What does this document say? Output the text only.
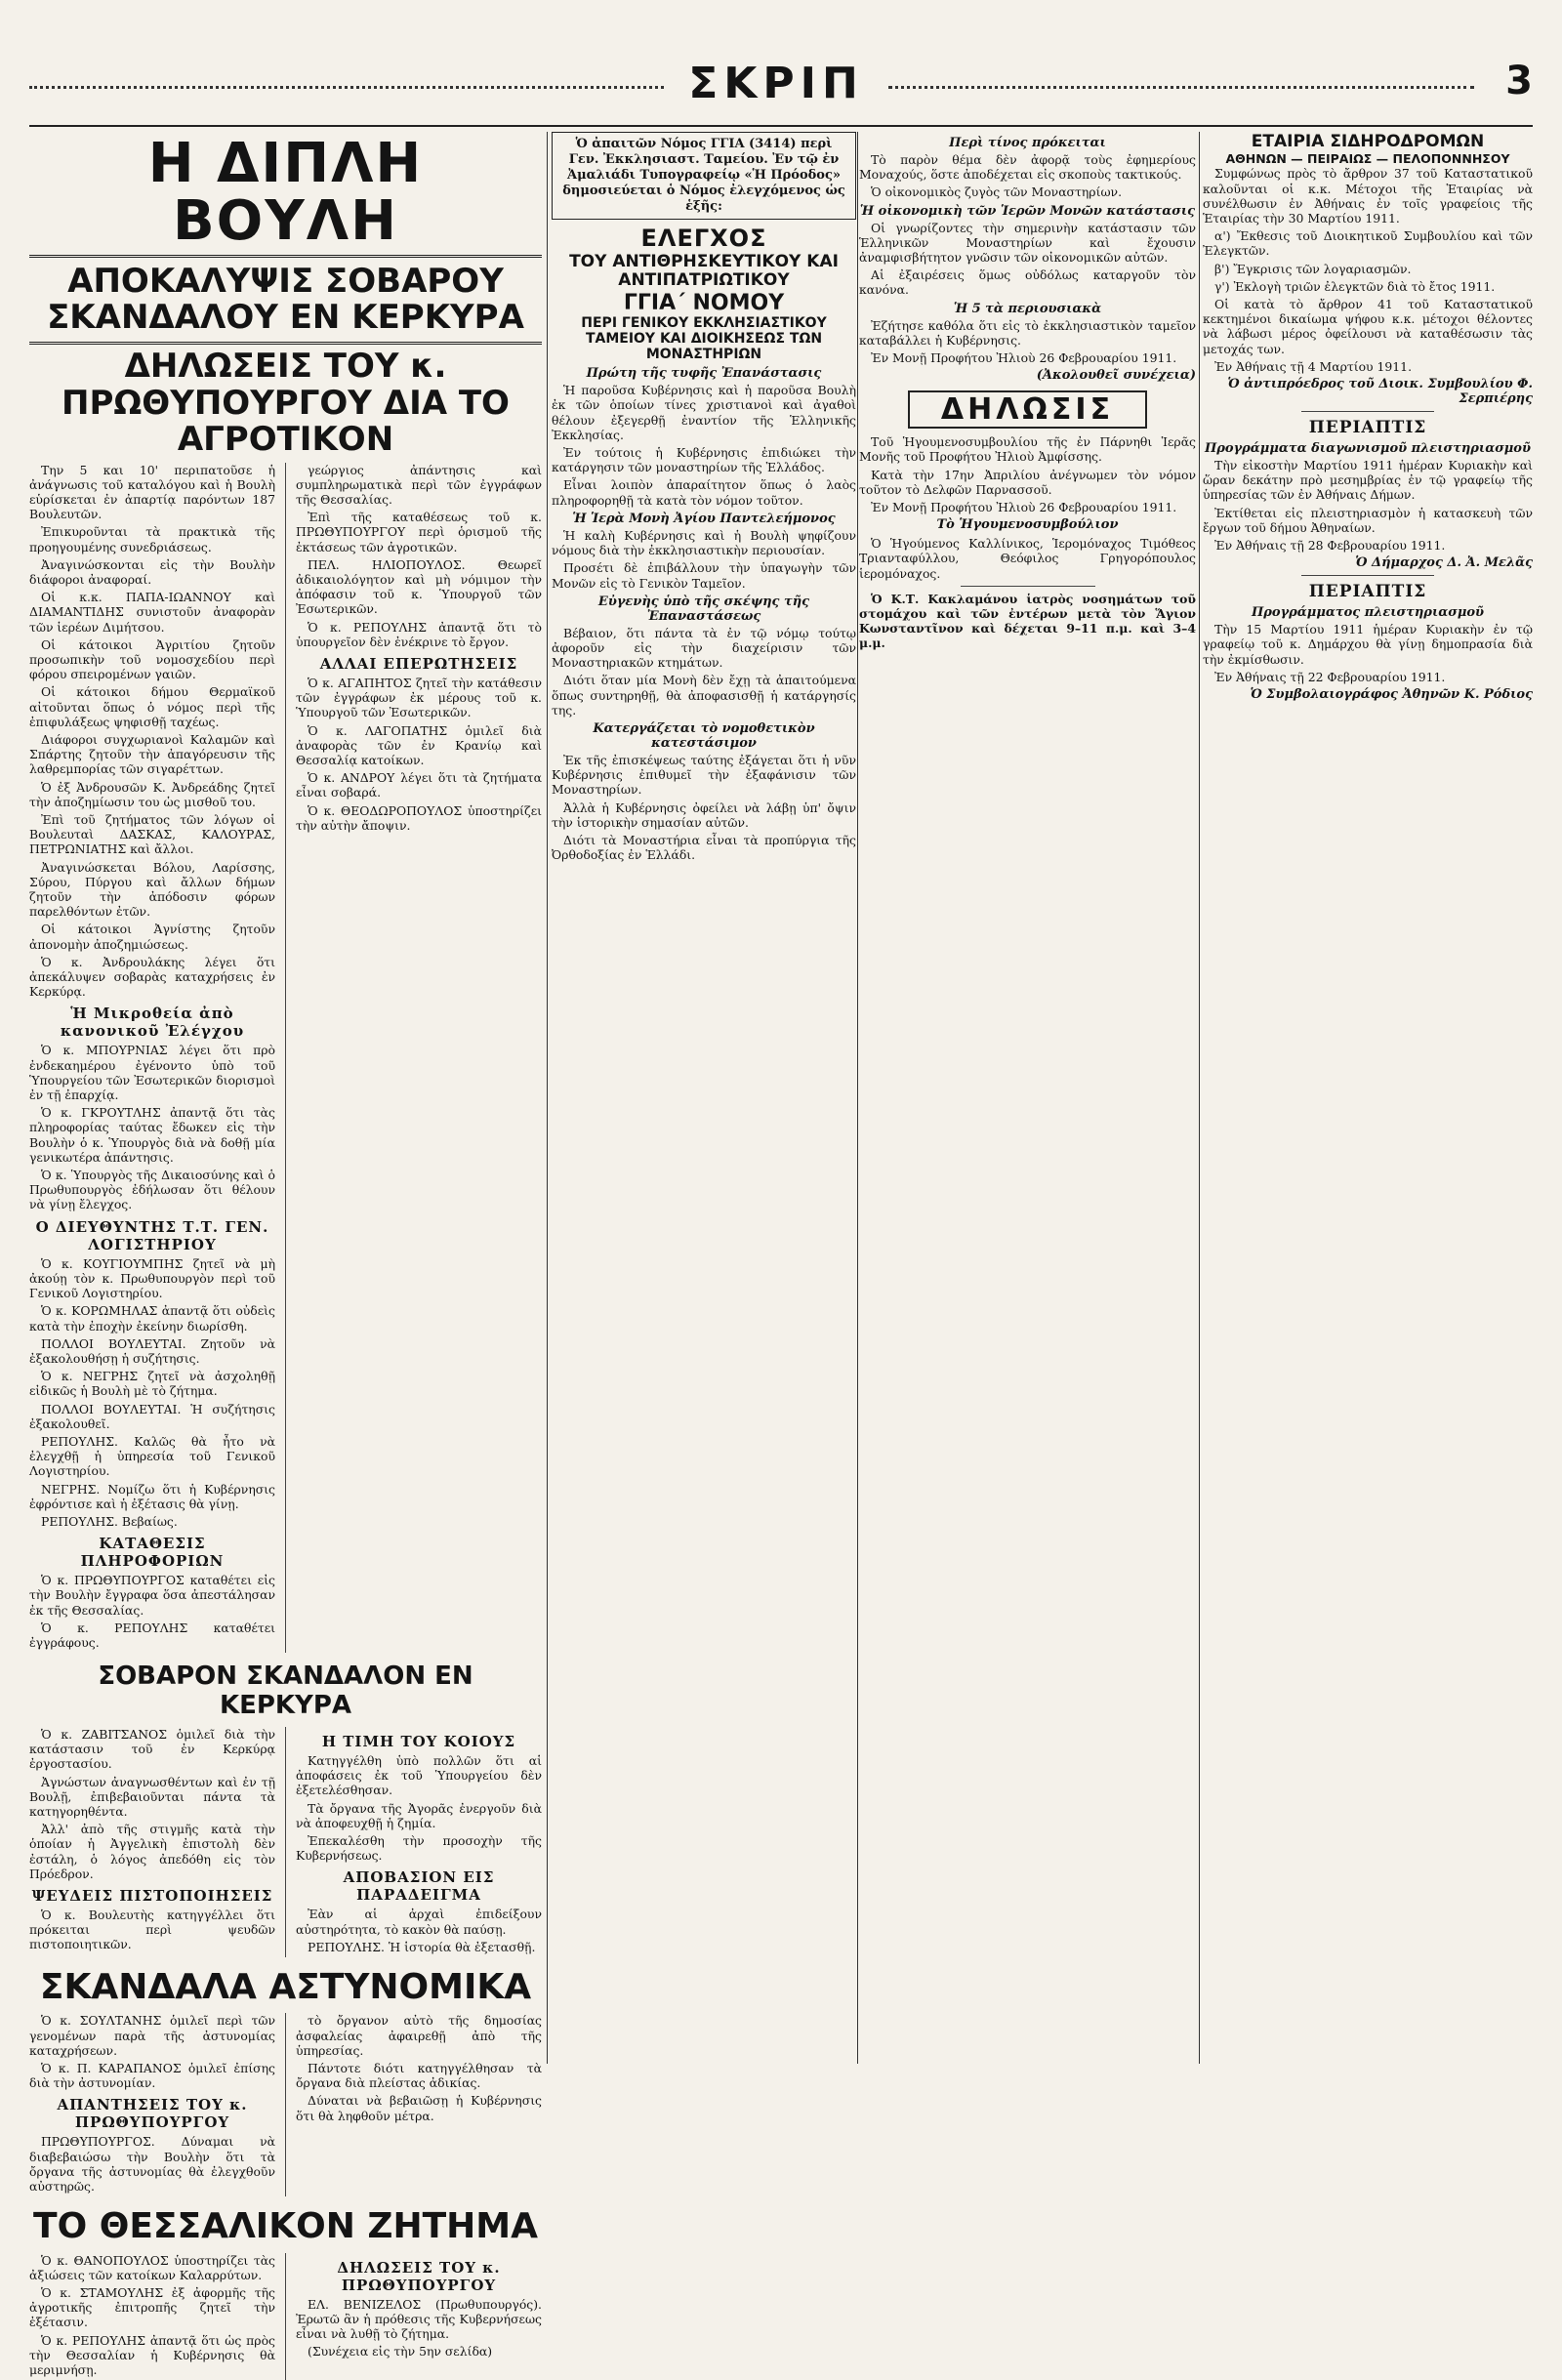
ΣΚΡΙΠ	3
Η ΔΙΠΛΗ ΒΟΥΛΗ
ΑΠΟΚΑΛΥΨΙΣ ΣΟΒΑΡΟΥ ΣΚΑΝΔΑΛΟΥ ΕΝ ΚΕΡΚΥΡΑ
ΔΗΛΩΣΕΙΣ ΤΟΥ κ. ΠΡΩΘΥΠΟΥΡΓΟΥ ΔΙΑ ΤΟ ΑΓΡΟΤΙΚΟΝ

Την 5 και 10' περιπατοῦσε ἡ ἀνάγνωσις τοῦ καταλόγου καὶ ἡ Βουλὴ εὑρίσκεται ἐν ἀπαρτίᾳ παρόντων 187 Βουλευτῶν.

Ἐπικυροῦνται τὰ πρακτικὰ τῆς προηγουμένης συνεδριάσεως.

Ἀναγινώσκονται εἰς τὴν Βουλὴν διάφοροι ἀναφοραί.

Οἱ κ.κ. ΠΑΠΑ-ΙΩΑΝΝΟΥ καὶ ΔΙΑΜΑΝΤΙΔΗΣ συνιστοῦν ἀναφορὰν τῶν ἱερέων Διμήτσου.

Οἱ κάτοικοι Ἀγριτίου ζητοῦν προσωπικὴν τοῦ νομοσχεδίου περὶ φόρου σπειρομένων γαιῶν.

Οἱ κάτοικοι δήμου Θερμαϊκοῦ αἰτοῦνται ὅπως ὁ νόμος περὶ τῆς ἐπιφυλάξεως ψηφισθῇ ταχέως.

Διάφοροι συγχωριανοὶ Καλαμῶν καὶ Σπάρτης ζητοῦν τὴν ἀπαγόρευσιν τῆς λαθρεμπορίας τῶν σιγαρέττων.

Ὁ ἐξ Ἀνδρουσῶν Κ. Ἀνδρεάδης ζητεῖ τὴν ἀποζημίωσιν του ὡς μισθοῦ του.

Ἐπὶ τοῦ ζητήματος τῶν λόγων οἱ Βουλευταὶ ΔΑΣΚΑΣ, ΚΑΛΟΥΡΑΣ, ΠΕΤΡΩΝΙΑΤΗΣ καὶ ἄλλοι.

Ἀναγινώσκεται Βόλου, Λαρίσσης, Σύρου, Πύργου καὶ ἄλλων δήμων ζητοῦν τὴν ἀπόδοσιν φόρων παρελθόντων ἐτῶν.

Οἱ κάτοικοι Ἀγνίστης ζητοῦν ἀπονομὴν ἀποζημιώσεως.

Ὁ κ. Ἀνδρουλάκης λέγει ὅτι ἀπεκάλυψεν σοβαρὰς καταχρήσεις ἐν Κερκύρᾳ.

Ἡ Μικροθεία ἀπὸ κανονικοῦ Ἐλέγχου

Ὁ κ. ΜΠΟΥΡΝΙΑΣ λέγει ὅτι πρὸ ἐνδεκαημέρου ἐγένοντο ὑπὸ τοῦ Ὑπουργείου τῶν Ἐσωτερικῶν διορισμοὶ ἐν τῇ ἐπαρχίᾳ.

Ὁ κ. ΓΚΡΟΥΤΛΗΣ ἀπαντᾷ ὅτι τὰς πληροφορίας ταύτας ἔδωκεν εἰς τὴν Βουλὴν ὁ κ. Ὑπουργὸς διὰ νὰ δοθῇ μία γενικωτέρα ἀπάντησις.

Ὁ κ. Ὑπουργὸς τῆς Δικαιοσύνης καὶ ὁ Πρωθυπουργὸς ἐδήλωσαν ὅτι θέλουν νὰ γίνῃ ἔλεγχος.

Ο ΔΙΕΥΘΥΝΤΗΣ Τ.Τ. ΓΕΝ. ΛΟΓΙΣΤΗΡΙΟΥ

Ὁ κ. ΚΟΥΓΙΟΥΜΠΗΣ ζητεῖ νὰ μὴ ἀκούῃ τὸν κ. Πρωθυπουργὸν περὶ τοῦ Γενικοῦ Λογιστηρίου.

Ὁ κ. ΚΟΡΩΜΗΛΑΣ ἀπαντᾷ ὅτι οὐδεὶς κατὰ τὴν ἐποχὴν ἐκείνην διωρίσθη.

ΠΟΛΛΟΙ ΒΟΥΛΕΥΤΑΙ. Ζητοῦν νὰ ἐξακολουθήσῃ ἡ συζήτησις.

Ὁ κ. ΝΕΓΡΗΣ ζητεῖ νὰ ἀσχοληθῇ εἰδικῶς ἡ Βουλὴ μὲ τὸ ζήτημα.

ΠΟΛΛΟΙ ΒΟΥΛΕΥΤΑΙ. Ἡ συζήτησις ἐξακολουθεῖ.

ΡΕΠΟΥΛΗΣ. Καλῶς θὰ ἦτο νὰ ἐλεγχθῇ ἡ ὑπηρεσία τοῦ Γενικοῦ Λογιστηρίου.

ΝΕΓΡΗΣ. Νομίζω ὅτι ἡ Κυβέρνησις ἐφρόντισε καὶ ἡ ἐξέτασις θὰ γίνῃ.

ΡΕΠΟΥΛΗΣ. Βεβαίως.

ΚΑΤΑΘΕΣΙΣ ΠΛΗΡΟΦΟΡΙΩΝ

Ὁ κ. ΠΡΩΘΥΠΟΥΡΓΟΣ καταθέτει εἰς τὴν Βουλὴν ἔγγραφα ὅσα ἀπεστάλησαν ἐκ τῆς Θεσσαλίας.

Ὁ κ. ΡΕΠΟΥΛΗΣ καταθέτει ἐγγράφους.

γεώργιος ἀπάντησις καὶ συμπληρωματικὰ περὶ τῶν ἐγγράφων τῆς Θεσσαλίας.

Ἐπὶ τῆς καταθέσεως τοῦ κ. ΠΡΩΘΥΠΟΥΡΓΟΥ περὶ ὁρισμοῦ τῆς ἐκτάσεως τῶν ἀγροτικῶν.

ΠΕΛ. ΗΛΙΟΠΟΥΛΟΣ. Θεωρεῖ ἀδικαιολόγητον καὶ μὴ νόμιμον τὴν ἀπόφασιν τοῦ κ. Ὑπουργοῦ τῶν Ἐσωτερικῶν.

Ὁ κ. ΡΕΠΟΥΛΗΣ ἀπαντᾷ ὅτι τὸ ὑπουργεῖον δὲν ἐνέκρινε τὸ ἔργον.

ΑΛΛΑΙ ΕΠΕΡΩΤΗΣΕΙΣ

Ὁ κ. ΑΓΑΠΗΤΟΣ ζητεῖ τὴν κατάθεσιν τῶν ἐγγράφων ἐκ μέρους τοῦ κ. Ὑπουργοῦ τῶν Ἐσωτερικῶν.

Ὁ κ. ΛΑΓΟΠΑΤΗΣ ὁμιλεῖ διὰ ἀναφορὰς τῶν ἐν Κρανίῳ καὶ Θεσσαλίᾳ κατοίκων.

Ὁ κ. ΑΝΔΡΟΥ λέγει ὅτι τὰ ζητήματα εἶναι σοβαρά.

Ὁ κ. ΘΕΟΔΩΡΟΠΟΥΛΟΣ ὑποστηρίζει τὴν αὐτὴν ἄποψιν.

ΣΟΒΑΡΟΝ ΣΚΑΝΔΑΛΟΝ ΕΝ ΚΕΡΚΥΡΑ

Ὁ κ. ΖΑΒΙΤΣΑΝΟΣ ὁμιλεῖ διὰ τὴν κατάστασιν τοῦ ἐν Κερκύρᾳ ἐργοστασίου.

Ἀγνώστων ἀναγνωσθέντων καὶ ἐν τῇ Βουλῇ, ἐπιβεβαιοῦνται πάντα τὰ κατηγορηθέντα.

Ἀλλ' ἀπὸ τῆς στιγμῆς κατὰ τὴν ὁποίαν ἡ Ἀγγελικὴ ἐπιστολὴ δὲν ἐστάλη, ὁ λόγος ἀπεδόθη εἰς τὸν Πρόεδρον.

ΨΕΥΔΕΙΣ ΠΙΣΤΟΠΟΙΗΣΕΙΣ

Ὁ κ. Βουλευτὴς κατηγγέλλει ὅτι πρόκειται περὶ ψευδῶν πιστοποιητικῶν.

Η ΤΙΜΗ ΤΟΥ ΚΟΙΟΥΣ

Κατηγγέλθη ὑπὸ πολλῶν ὅτι αἱ ἀποφάσεις ἐκ τοῦ Ὑπουργείου δὲν ἐξετελέσθησαν.

Τὰ ὄργανα τῆς Ἀγορᾶς ἐνεργοῦν διὰ νὰ ἀποφευχθῇ ἡ ζημία.

Ἐπεκαλέσθη τὴν προσοχὴν τῆς Κυβερνήσεως.

ΑΠΟΒΑΣΙΟΝ ΕΙΣ ΠΑΡΑΔΕΙΓΜΑ

Ἐὰν αἱ ἀρχαὶ ἐπιδείξουν αὐστηρότητα, τὸ κακὸν θὰ παύσῃ.

ΡΕΠΟΥΛΗΣ. Ἡ ἱστορία θὰ ἐξετασθῇ.

ΣΚΑΝΔΑΛΑ ΑΣΤΥΝΟΜΙΚΑ

Ὁ κ. ΣΟΥΛΤΑΝΗΣ ὁμιλεῖ περὶ τῶν γενομένων παρὰ τῆς ἀστυνομίας καταχρήσεων.

Ὁ κ. Π. ΚΑΡΑΠΑΝΟΣ ὁμιλεῖ ἐπίσης διὰ τὴν ἀστυνομίαν.

ΑΠΑΝΤΗΣΕΙΣ ΤΟΥ κ. ΠΡΩΘΥΠΟΥΡΓΟΥ

ΠΡΩΘΥΠΟΥΡΓΟΣ. Δύναμαι νὰ διαβεβαιώσω τὴν Βουλὴν ὅτι τὰ ὄργανα τῆς ἀστυνομίας θὰ ἐλεγχθοῦν αὐστηρῶς.

τὸ ὄργανον αὐτὸ τῆς δημοσίας ἀσφαλείας ἀφαιρεθῇ ἀπὸ τῆς ὑπηρεσίας.

Πάντοτε διότι κατηγγέλθησαν τὰ ὄργανα διὰ πλείστας ἀδικίας.

Δύναται νὰ βεβαιῶσῃ ἡ Κυβέρνησις ὅτι θὰ ληφθοῦν μέτρα.

ΤΟ ΘΕΣΣΑΛΙΚΟΝ ΖΗΤΗΜΑ

Ὁ κ. ΘΑΝΟΠΟΥΛΟΣ ὑποστηρίζει τὰς ἀξιώσεις τῶν κατοίκων Καλαρρύτων.

Ὁ κ. ΣΤΑΜΟΥΛΗΣ ἐξ ἀφορμῆς τῆς ἀγροτικῆς ἐπιτροπῆς ζητεῖ τὴν ἐξέτασιν.

Ὁ κ. ΡΕΠΟΥΛΗΣ ἀπαντᾷ ὅτι ὡς πρὸς τὴν Θεσσαλίαν ἡ Κυβέρνησις θὰ μεριμνήσῃ.

ΔΗΛΩΣΕΙΣ ΤΟΥ κ. ΠΡΩΘΥΠΟΥΡΓΟΥ

ΕΛ. ΒΕΝΙΖΕΛΟΣ (Πρωθυπουργός). Ἐρωτῶ ἂν ἡ πρόθεσις τῆς Κυβερνήσεως εἶναι νὰ λυθῇ τὸ ζήτημα.

(Συνέχεια εἰς τὴν 5ην σελίδα)

Ὁ ἀπαιτῶν Νόμος ΓΓΙΑ (3414) περὶ Γεν. Ἐκκλησιαστ. Ταμείου. Ἐν τῷ ἐν Ἀμαλιάδι Τυπογραφείῳ «Ἡ Πρόοδος» δημοσιεύεται ὁ Νόμος ἐλεγχόμενος ὡς ἑξῆς:
ΕΛΕΓΧΟΣ
ΤΟΥ ΑΝΤΙΘΡΗΣΚΕΥΤΙΚΟΥ ΚΑΙ ΑΝΤΙΠΑΤΡΙΩΤΙΚΟΥ
ΓΓΙΑ΄ ΝΟΜΟΥ
ΠΕΡΙ ΓΕΝΙΚΟΥ ΕΚΚΛΗΣΙΑΣΤΙΚΟΥ ΤΑΜΕΙΟΥ ΚΑΙ ΔΙΟΙΚΗΣΕΩΣ ΤΩΝ ΜΟΝΑΣΤΗΡΙΩΝ
Πρώτη τῆς τυφῆς Ἐπανάστασις

Ἡ παροῦσα Κυβέρνησις καὶ ἡ παροῦσα Βουλὴ ἐκ τῶν ὁποίων τίνες χριστιανοὶ καὶ ἀγαθοὶ θέλουν ἐξεγερθῇ ἐναντίον τῆς Ἑλληνικῆς Ἐκκλησίας.

Ἐν τούτοις ἡ Κυβέρνησις ἐπιδιώκει τὴν κατάργησιν τῶν μοναστηρίων τῆς Ἑλλάδος.

Εἶναι λοιπὸν ἀπαραίτητον ὅπως ὁ λαὸς πληροφορηθῇ τὰ κατὰ τὸν νόμον τοῦτον.

Ἡ Ἱερὰ Μονὴ Ἀγίου Παντελεήμονος

Ἡ καλὴ Κυβέρνησις καὶ ἡ Βουλὴ ψηφίζουν νόμους διὰ τὴν ἐκκλησιαστικὴν περιουσίαν.

Προσέτι δὲ ἐπιβάλλουν τὴν ὑπαγωγὴν τῶν Μονῶν εἰς τὸ Γενικὸν Ταμεῖον.

Εὐγενὴς ὑπὸ τῆς σκέψης τῆς Ἐπαναστάσεως

Βέβαιον, ὅτι πάντα τὰ ἐν τῷ νόμῳ τούτῳ ἀφοροῦν εἰς τὴν διαχείρισιν τῶν Μοναστηριακῶν κτημάτων.

Διότι ὅταν μία Μονὴ δὲν ἔχῃ τὰ ἀπαιτούμενα ὅπως συντηρηθῇ, θὰ ἀποφασισθῇ ἡ κατάργησίς της.

Κατεργάζεται τὸ νομοθετικὸν κατεστάσιμον

Ἐκ τῆς ἐπισκέψεως ταύτης ἐξάγεται ὅτι ἡ νῦν Κυβέρνησις ἐπιθυμεῖ τὴν ἐξαφάνισιν τῶν Μοναστηρίων.

Ἀλλὰ ἡ Κυβέρνησις ὀφείλει νὰ λάβῃ ὑπ' ὄψιν τὴν ἱστορικὴν σημασίαν αὐτῶν.

Διότι τὰ Μοναστήρια εἶναι τὰ προπύργια τῆς Ὀρθοδοξίας ἐν Ἑλλάδι.

Περὶ τίνος πρόκειται

Τὸ παρὸν θέμα δὲν ἀφορᾷ τοὺς ἐφημερίους Μοναχούς, ὅστε ἀποδέχεται εἰς σκοποὺς τακτικούς.

Ὁ οἰκονομικὸς ζυγὸς τῶν Μοναστηρίων.

Ἡ οἰκονομικὴ τῶν Ἱερῶν Μονῶν κατάστασις

Οἱ γνωρίζοντες τὴν σημερινὴν κατάστασιν τῶν Ἑλληνικῶν Μοναστηρίων καὶ ἔχουσιν ἀναμφισβήτητον γνῶσιν τῶν οἰκονομικῶν αὐτῶν.

Αἱ ἐξαιρέσεις ὅμως οὐδόλως καταργοῦν τὸν κανόνα.

Ἡ 5 τὰ περιουσιακὰ

Ἐζήτησε καθόλα ὅτι εἰς τὸ ἐκκλησιαστικὸν ταμεῖον καταβάλλει ἡ Κυβέρνησις.

Ἐν Μονῇ Προφήτου Ἠλιοὺ 26 Φεβρουαρίου 1911.

(Ἀκολουθεῖ συνέχεια)
ΔΗΛΩΣΙΣ

Τοῦ Ἡγουμενοσυμβουλίου τῆς ἐν Πάρνηθι Ἱερᾶς Μονῆς τοῦ Προφήτου Ἠλιοὺ Ἀμφίσσης.

Κατὰ τὴν 17ην Ἀπριλίου ἀνέγνωμεν τὸν νόμον τοῦτον τὸ Δελφῶν Παρνασσοῦ.

Ἐν Μονῇ Προφήτου Ἠλιοὺ 26 Φεβρουαρίου 1911.

Τὸ Ἡγουμενοσυμβούλιον

Ὁ Ἡγούμενος Καλλίνικος, Ἱερομόναχος Τιμόθεος Τριανταφύλλου, Θεόφιλος Γρηγορόπουλος ἱερομόναχος.

Ὁ Κ.Τ. Κακλαμάνου ἱατρὸς νοσημάτων τοῦ στομάχου καὶ τῶν ἐντέρων μετὰ τὸν Ἅγιον Κωνσταντῖνον καὶ δέχεται 9–11 π.μ. καὶ 3–4 μ.μ.

ΕΤΑΙΡΙΑ ΣΙΔΗΡΟΔΡΟΜΩΝ
ΑΘΗΝΩΝ — ΠΕΙΡΑΙΩΣ — ΠΕΛΟΠΟΝΝΗΣΟΥ

Συμφώνως πρὸς τὸ ἄρθρον 37 τοῦ Καταστατικοῦ καλοῦνται οἱ κ.κ. Μέτοχοι τῆς Ἑταιρίας νὰ συνέλθωσιν ἐν Ἀθήναις ἐν τοῖς γραφείοις τῆς Ἑταιρίας τὴν 30 Μαρτίου 1911.

α') Ἔκθεσις τοῦ Διοικητικοῦ Συμβουλίου καὶ τῶν Ἐλεγκτῶν.

β') Ἔγκρισις τῶν λογαριασμῶν.

γ') Ἐκλογὴ τριῶν ἐλεγκτῶν διὰ τὸ ἔτος 1911.

Οἱ κατὰ τὸ ἄρθρον 41 τοῦ Καταστατικοῦ κεκτημένοι δικαίωμα ψήφου κ.κ. μέτοχοι θέλοντες νὰ λάβωσι μέρος ὀφείλουσι νὰ καταθέσωσιν τὰς μετοχάς των.

Ἐν Ἀθήναις τῇ 4 Μαρτίου 1911.

Ὁ ἀντιπρόεδρος τοῦ Διοικ. Συμβουλίου Φ. Σερπιέρης
ΠΕΡΙΑΠΤΙΣ
Προγράμματα διαγωνισμοῦ πλειστηριασμοῦ

Τὴν εἰκοστὴν Μαρτίου 1911 ἡμέραν Κυριακὴν καὶ ὥραν δεκάτην πρὸ μεσημβρίας ἐν τῷ γραφείῳ τῆς ὑπηρεσίας τῶν ἐν Ἀθήναις Δήμων.

Ἐκτίθεται εἰς πλειστηριασμὸν ἡ κατασκευὴ τῶν ἔργων τοῦ δήμου Ἀθηναίων.

Ἐν Ἀθήναις τῇ 28 Φεβρουαρίου 1911.

Ὁ Δήμαρχος Δ. Ἀ. Μελᾶς
ΠΕΡΙΑΠΤΙΣ
Προγράμματος πλειστηριασμοῦ

Τὴν 15 Μαρτίου 1911 ἡμέραν Κυριακὴν ἐν τῷ γραφείῳ τοῦ κ. Δημάρχου θὰ γίνῃ δημοπρασία διὰ τὴν ἐκμίσθωσιν.

Ἐν Ἀθήναις τῇ 22 Φεβρουαρίου 1911.

Ὁ Συμβολαιογράφος Ἀθηνῶν Κ. Ρόδιος
